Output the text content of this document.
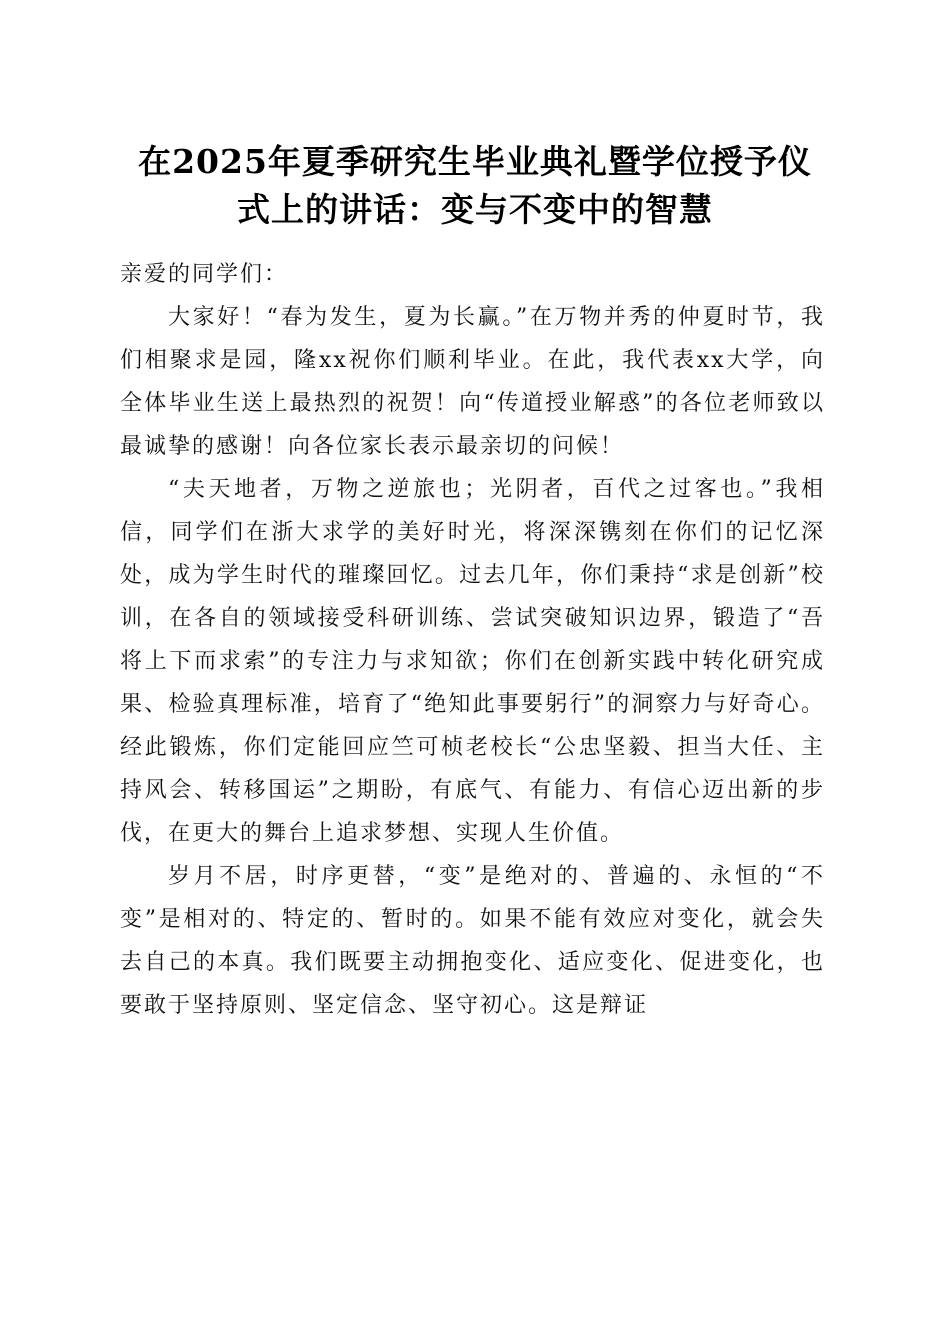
在2025年夏季研究生毕业典礼暨学位授予仪
式上的讲话：变与不变中的智慧

亲爱的同学们：

大家好！“春为发生，夏为长赢。”在万物并秀的仲夏时节，我们相聚求是园，隆xx祝你们顺利毕业。在此，我代表xx大学，向全体毕业生送上最热烈的祝贺！向“传道授业解惑”的各位老师致以最诚挚的感谢！向各位家长表示最亲切的问候！

“夫天地者，万物之逆旅也；光阴者，百代之过客也。”我相信，同学们在浙大求学的美好时光，将深深镌刻在你们的记忆深处，成为学生时代的璀璨回忆。过去几年，你们秉持“求是创新”校训，在各自的领域接受科研训练、尝试突破知识边界，锻造了“吾将上下而求索”的专注力与求知欲；你们在创新实践中转化研究成果、检验真理标准，培育了“绝知此事要躬行”的洞察力与好奇心。经此锻炼，你们定能回应竺可桢老校长“公忠坚毅、担当大任、主持风会、转移国运”之期盼，有底气、有能力、有信心迈出新的步伐，在更大的舞台上追求梦想、实现人生价值。

岁月不居，时序更替，“变”是绝对的、普遍的、永恒的“不变”是相对的、特定的、暂时的。如果不能有效应对变化，就会失去自己的本真。我们既要主动拥抱变化、适应变化、促进变化，也要敢于坚持原则、坚定信念、坚守初心。这是辩证
